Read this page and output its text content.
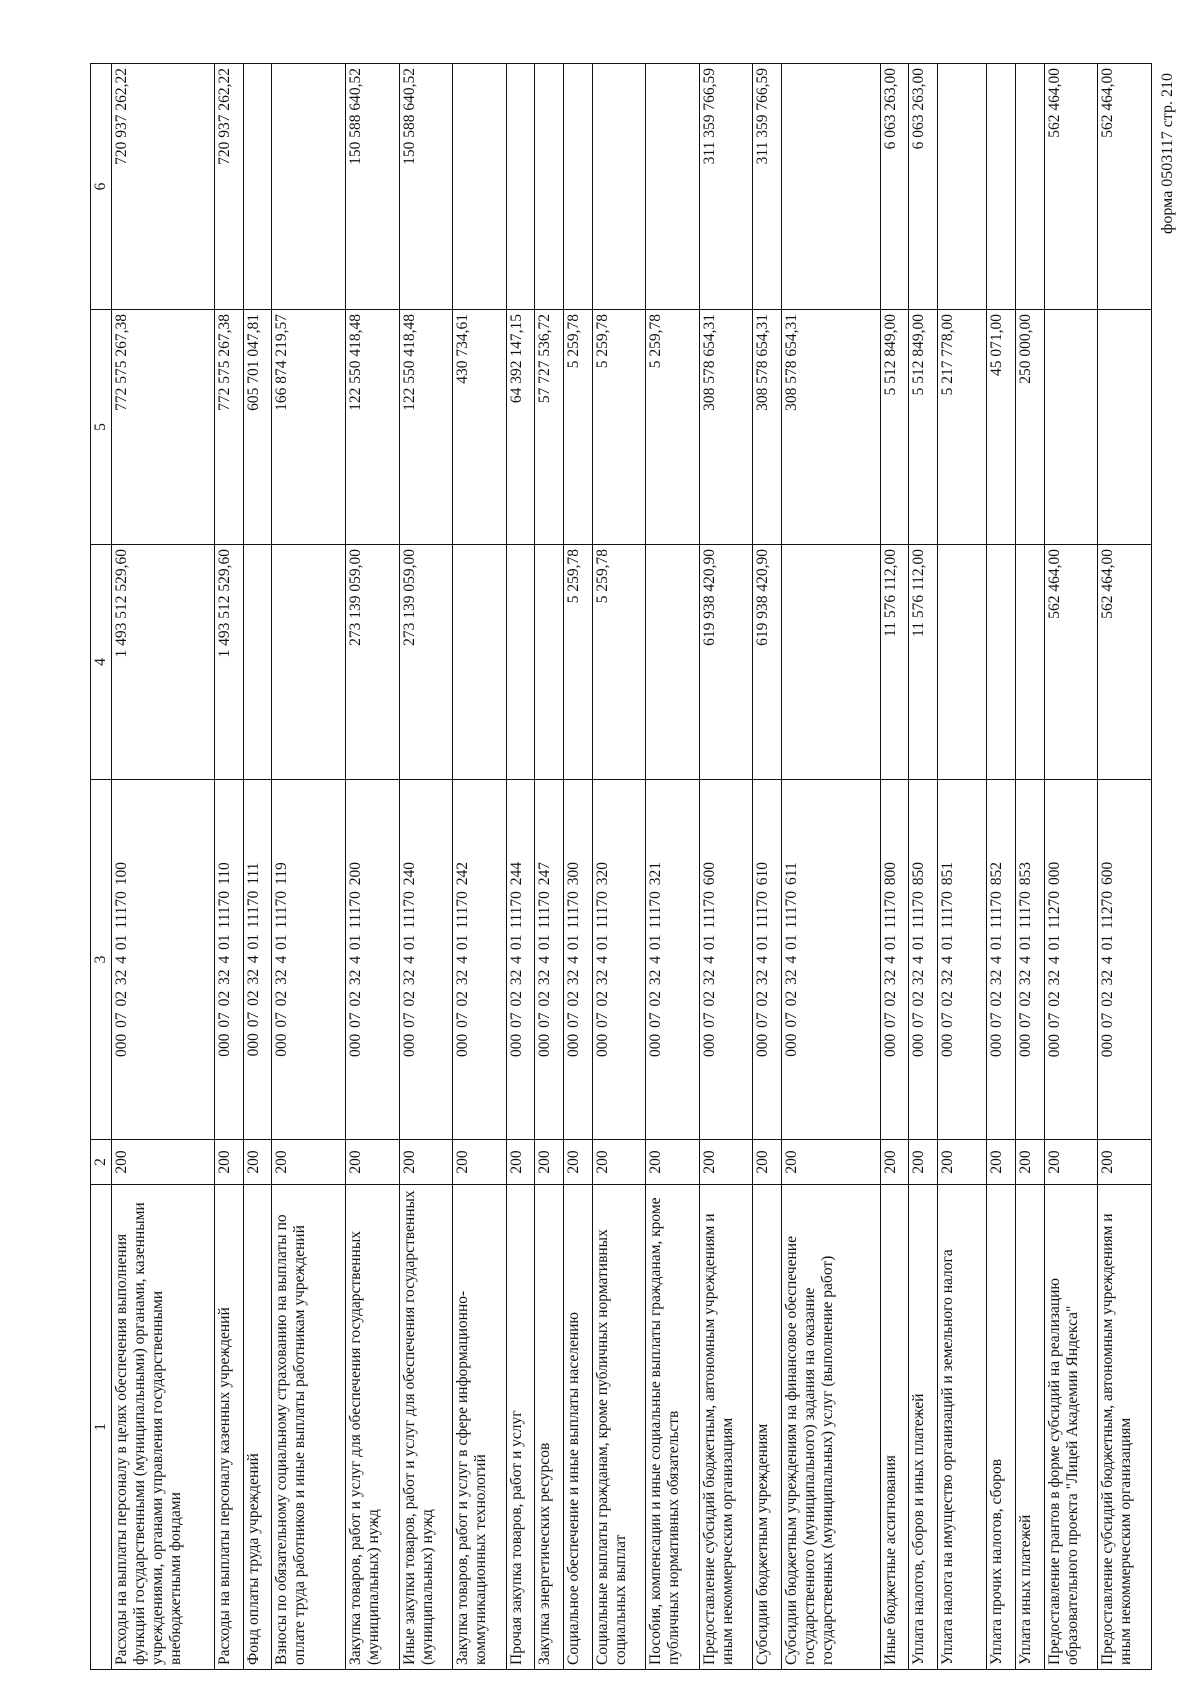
форма 0503117 стр. 210
1	2	3	4	5	6
Расходы на выплаты персоналу в целях обеспечения выполнения функций государственными (муниципальными) органами, казенными учреждениями, органами управления государственными внебюджетными фондами	200	000 07 02 32 4 01 11170 100	1 493 512 529,60	772 575 267,38	720 937 262,22
Расходы на выплаты персоналу казенных учреждений	200	000 07 02 32 4 01 11170 110	1 493 512 529,60	772 575 267,38	720 937 262,22
Фонд оплаты труда учреждений	200	000 07 02 32 4 01 11170 111		605 701 047,81	
Взносы по обязательному социальному страхованию на выплаты по оплате труда работников и иные выплаты работникам учреждений	200	000 07 02 32 4 01 11170 119		166 874 219,57	
Закупка товаров, работ и услуг для обеспечения государственных (муниципальных) нужд	200	000 07 02 32 4 01 11170 200	273 139 059,00	122 550 418,48	150 588 640,52
Иные закупки товаров, работ и услуг для обеспечения государственных (муниципальных) нужд	200	000 07 02 32 4 01 11170 240	273 139 059,00	122 550 418,48	150 588 640,52
Закупка товаров, работ и услуг в сфере информационно-коммуникационных технологий	200	000 07 02 32 4 01 11170 242		430 734,61	
Прочая закупка товаров, работ и услуг	200	000 07 02 32 4 01 11170 244		64 392 147,15	
Закупка энергетических ресурсов	200	000 07 02 32 4 01 11170 247		57 727 536,72	
Социальное обеспечение и иные выплаты населению	200	000 07 02 32 4 01 11170 300	5 259,78	5 259,78	
Социальные выплаты гражданам, кроме публичных нормативных социальных выплат	200	000 07 02 32 4 01 11170 320	5 259,78	5 259,78	
Пособия, компенсации и иные социальные выплаты гражданам, кроме публичных нормативных обязательств	200	000 07 02 32 4 01 11170 321		5 259,78	
Предоставление субсидий бюджетным, автономным учреждениям и иным некоммерческим организациям	200	000 07 02 32 4 01 11170 600	619 938 420,90	308 578 654,31	311 359 766,59
Субсидии бюджетным учреждениям	200	000 07 02 32 4 01 11170 610	619 938 420,90	308 578 654,31	311 359 766,59
Субсидии бюджетным учреждениям на финансовое обеспечение государственного (муниципального) задания на оказание государственных (муниципальных) услуг (выполнение работ)	200	000 07 02 32 4 01 11170 611		308 578 654,31	
Иные бюджетные ассигнования	200	000 07 02 32 4 01 11170 800	11 576 112,00	5 512 849,00	6 063 263,00
Уплата налогов, сборов и иных платежей	200	000 07 02 32 4 01 11170 850	11 576 112,00	5 512 849,00	6 063 263,00
Уплата налога на имущество организаций и земельного налога	200	000 07 02 32 4 01 11170 851		5 217 778,00	
Уплата прочих налогов, сборов	200	000 07 02 32 4 01 11170 852		45 071,00	
Уплата иных платежей	200	000 07 02 32 4 01 11170 853		250 000,00	
Предоставление грантов в форме субсидий на реализацию образовательного проекта "Лицей Академии Яндекса"	200	000 07 02 32 4 01 11270 000	562 464,00		562 464,00
Предоставление субсидий бюджетным, автономным учреждениям и иным некоммерческим организациям	200	000 07 02 32 4 01 11270 600	562 464,00		562 464,00
